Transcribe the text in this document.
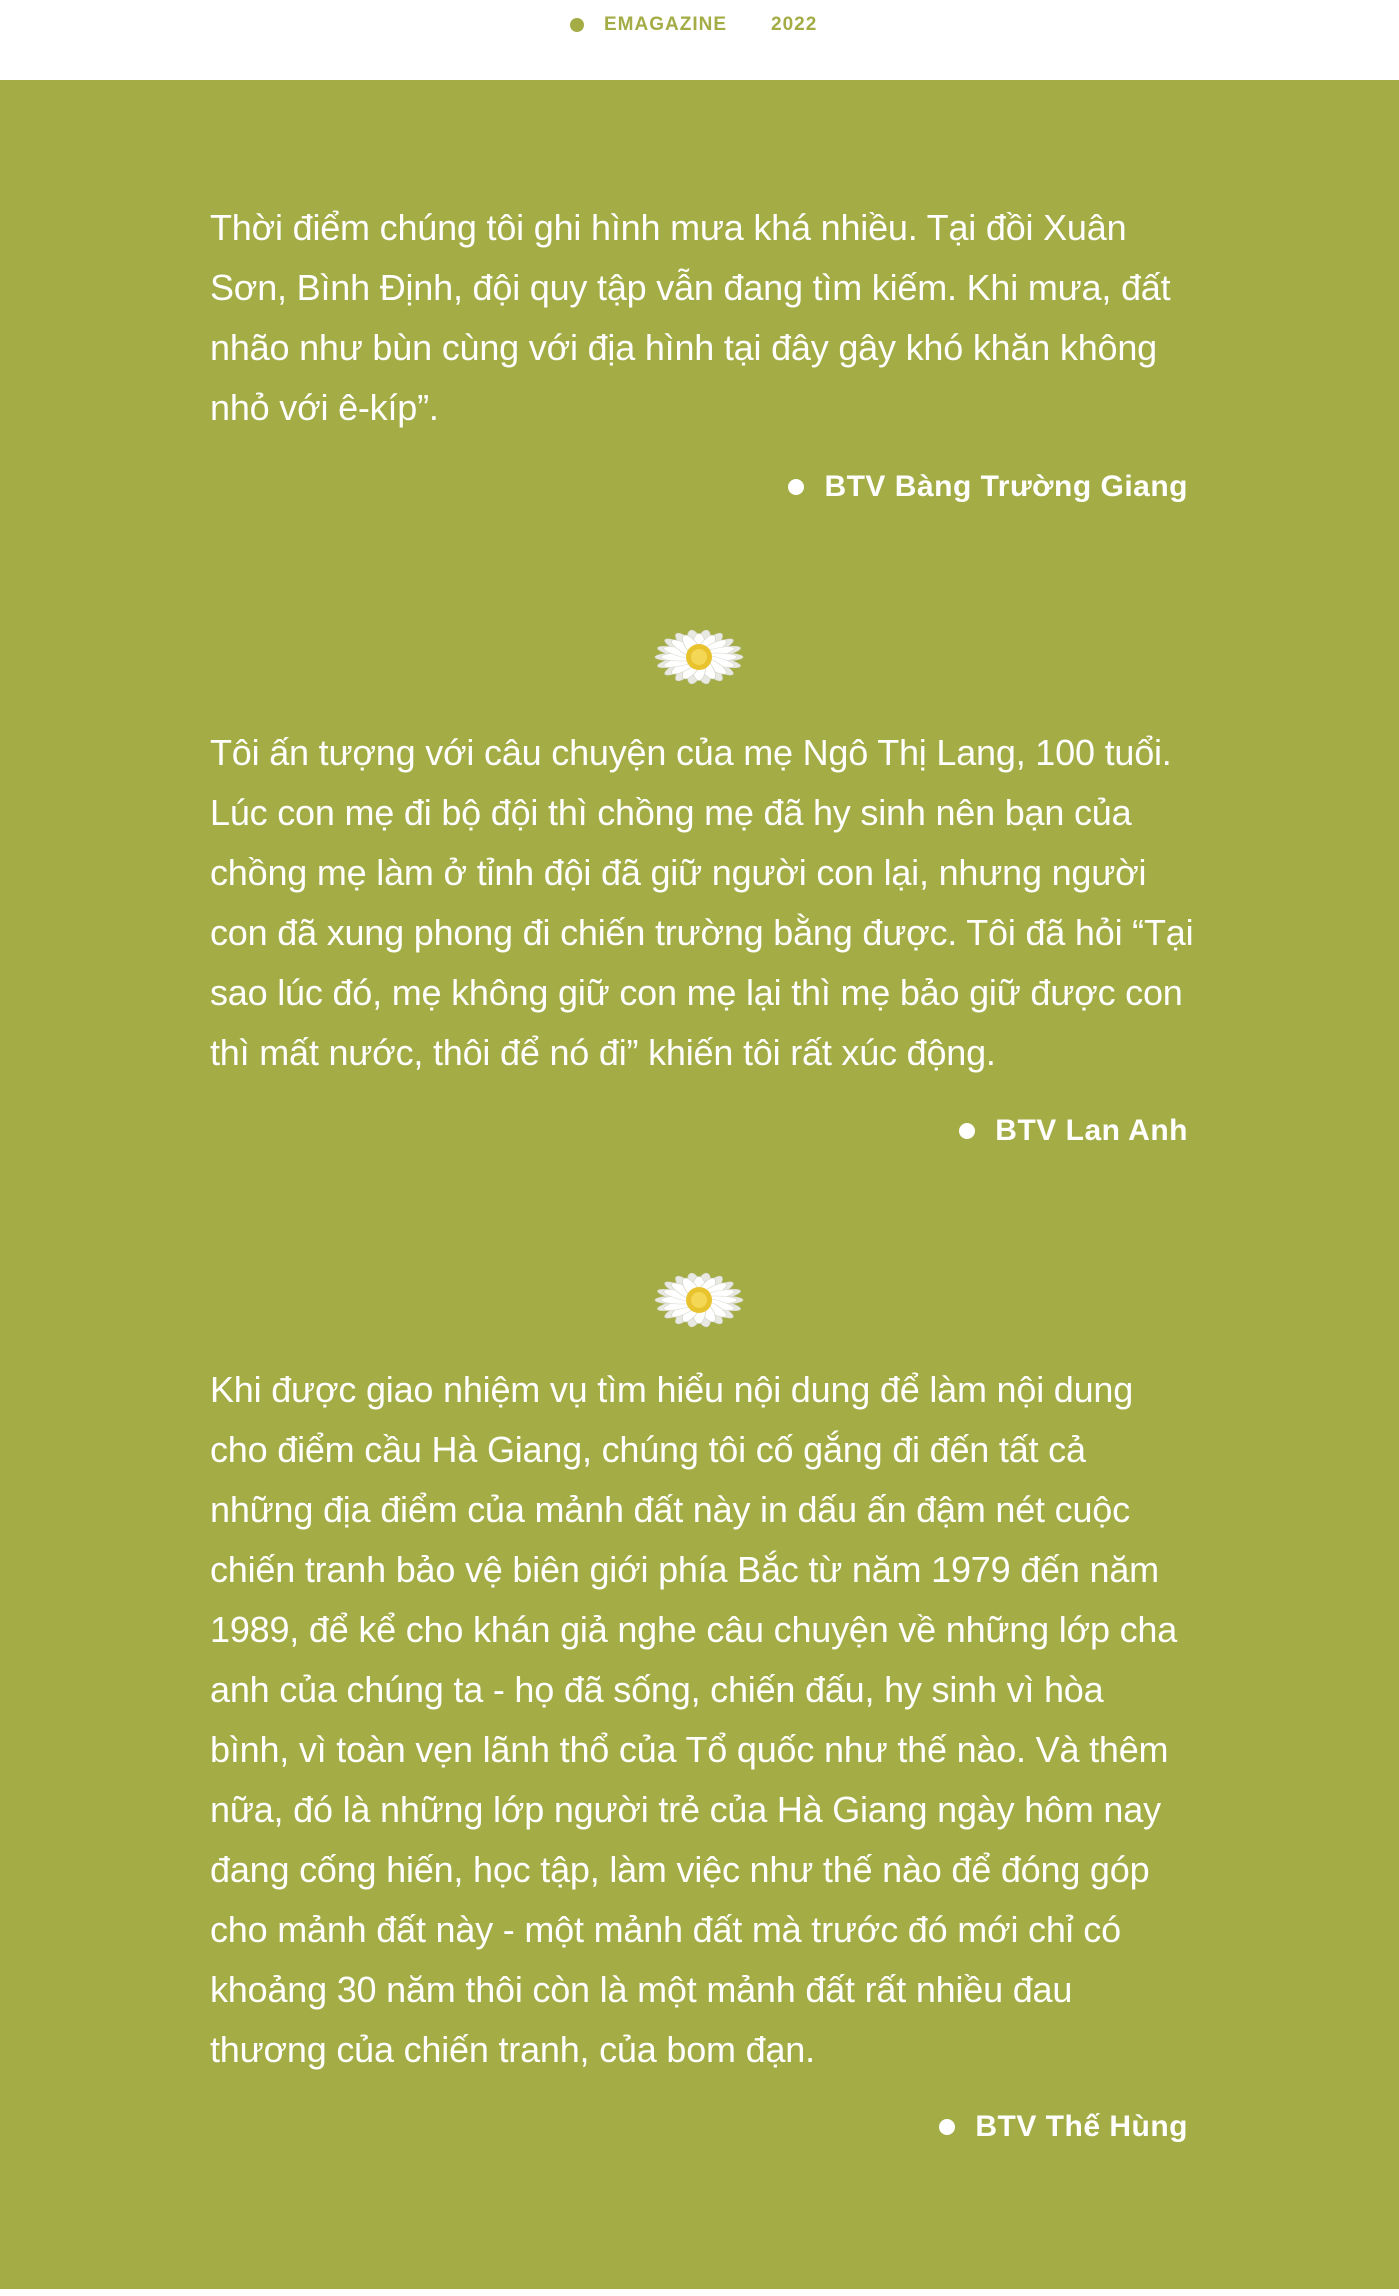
EMAGAZINE 2022

Thời điểm chúng tôi ghi hình mưa khá nhiều. Tại đồi Xuân
Sơn, Bình Định, đội quy tập vẫn đang tìm kiếm. Khi mưa, đất
nhão như bùn cùng với địa hình tại đây gây khó khăn không
nhỏ với ê-kíp”.

BTV Bàng Trường Giang

Tôi ấn tượng với câu chuyện của mẹ Ngô Thị Lang, 100 tuổi.
Lúc con mẹ đi bộ đội thì chồng mẹ đã hy sinh nên bạn của
chồng mẹ làm ở tỉnh đội đã giữ người con lại, nhưng người
con đã xung phong đi chiến trường bằng được. Tôi đã hỏi “Tại
sao lúc đó, mẹ không giữ con mẹ lại thì mẹ bảo giữ được con
thì mất nước, thôi để nó đi” khiến tôi rất xúc động.

BTV Lan Anh

Khi được giao nhiệm vụ tìm hiểu nội dung để làm nội dung
cho điểm cầu Hà Giang, chúng tôi cố gắng đi đến tất cả
những địa điểm của mảnh đất này in dấu ấn đậm nét cuộc
chiến tranh bảo vệ biên giới phía Bắc từ năm 1979 đến năm
1989, để kể cho khán giả nghe câu chuyện về những lớp cha
anh của chúng ta - họ đã sống, chiến đấu, hy sinh vì hòa
bình, vì toàn vẹn lãnh thổ của Tổ quốc như thế nào. Và thêm
nữa, đó là những lớp người trẻ của Hà Giang ngày hôm nay
đang cống hiến, học tập, làm việc như thế nào để đóng góp
cho mảnh đất này - một mảnh đất mà trước đó mới chỉ có
khoảng 30 năm thôi còn là một mảnh đất rất nhiều đau
thương của chiến tranh, của bom đạn.

BTV Thế Hùng
